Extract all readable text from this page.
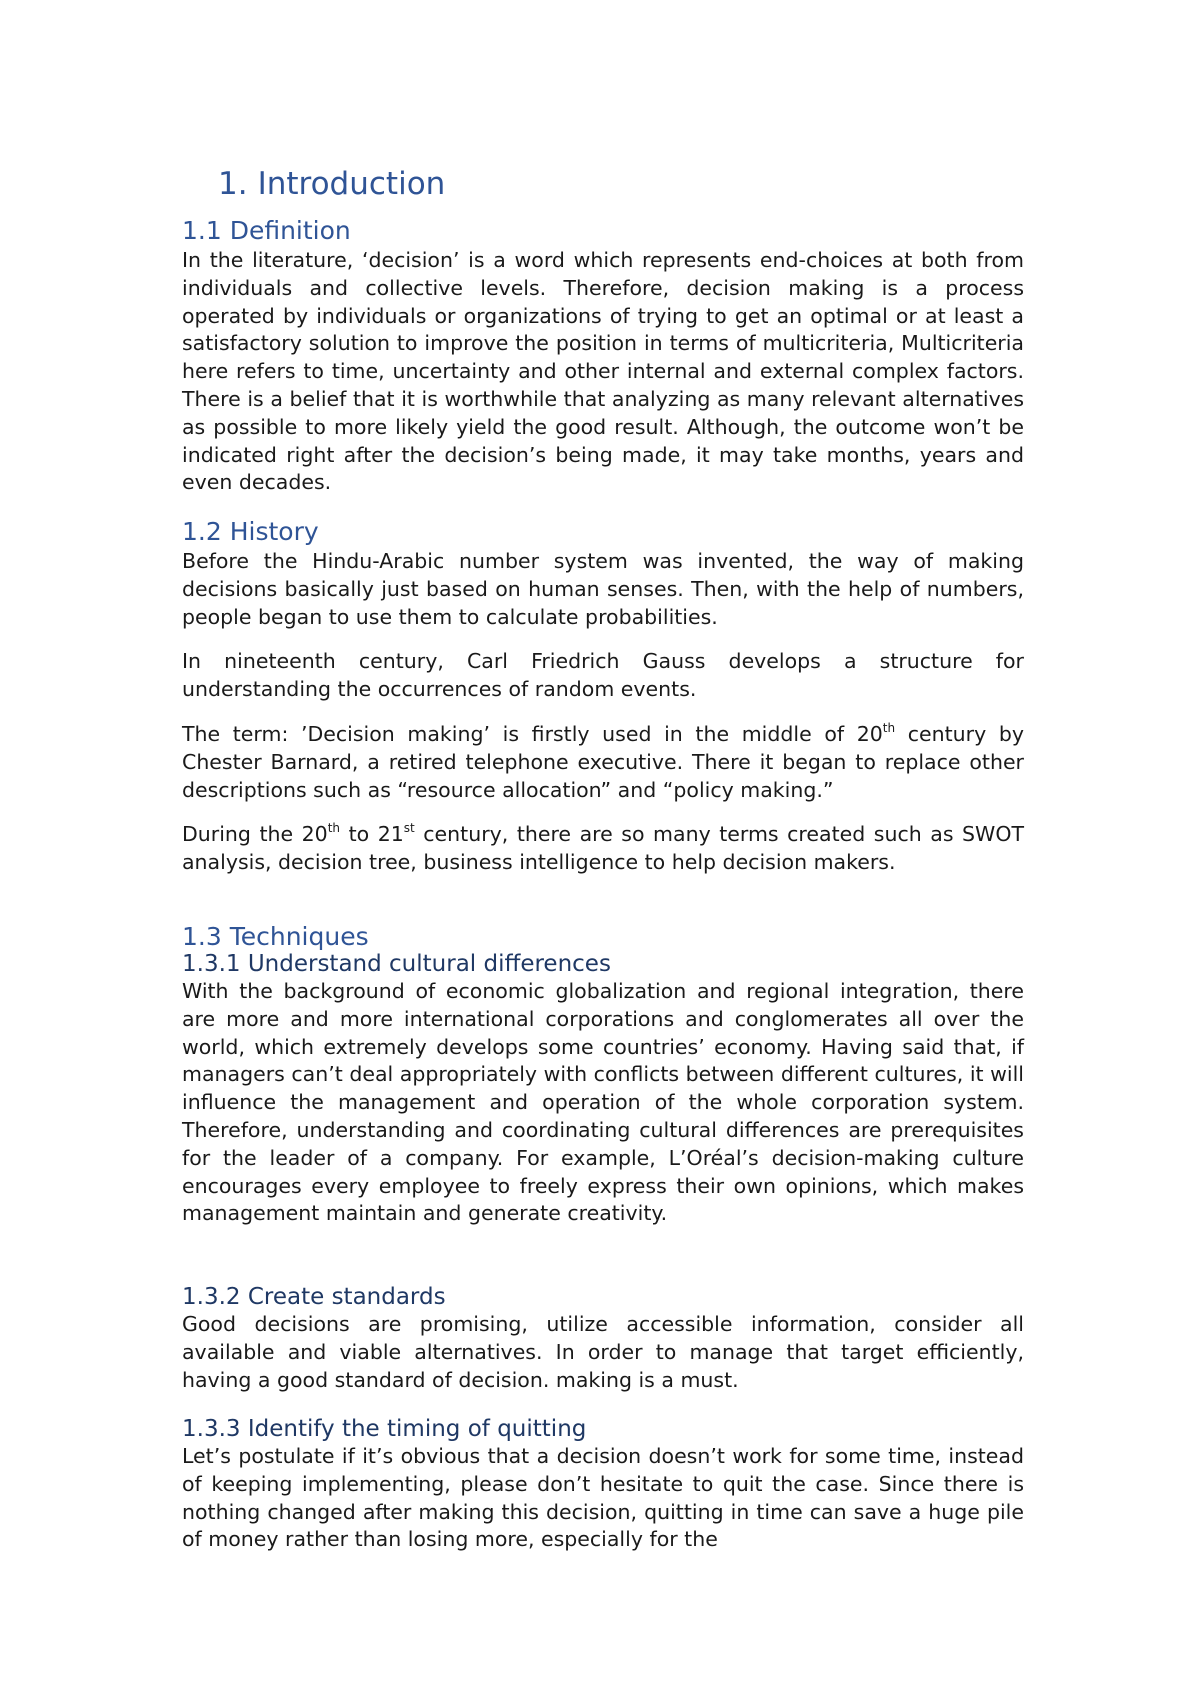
1. Introduction
1.1 Definition

In the literature, ‘decision’ is a word which represents end-choices at both from individuals and collective levels. Therefore, decision making is a process operated by individuals or organizations of trying to get an optimal or at least a satisfactory solution to improve the position in terms of multicriteria, Multicriteria here refers to time, uncertainty and other internal and external complex factors. There is a belief that it is worthwhile that analyzing as many relevant alternatives as possible to more likely yield the good result. Although, the outcome won’t be indicated right after the decision’s being made, it may take months, years and even decades.

1.2 History

Before the Hindu-Arabic number system was invented, the way of making decisions basically just based on human senses. Then, with the help of numbers, people began to use them to calculate probabilities.

In nineteenth century, Carl Friedrich Gauss develops a structure for understanding the occurrences of random events.

The term: ’Decision making’ is firstly used in the middle of 20th century by Chester Barnard, a retired telephone executive. There it began to replace other descriptions such as “resource allocation” and “policy making.”

During the 20th to 21st century, there are so many terms created such as SWOT analysis, decision tree, business intelligence to help decision makers.

1.3 Techniques
1.3.1 Understand cultural differences

With the background of economic globalization and regional integration, there are more and more international corporations and conglomerates all over the world, which extremely develops some countries’ economy. Having said that, if managers can’t deal appropriately with conflicts between different cultures, it will influence the management and operation of the whole corporation system. Therefore, understanding and coordinating cultural differences are prerequisites for the leader of a company. For example, L’Oréal’s decision-making culture encourages every employee to freely express their own opinions, which makes management maintain and generate creativity.

1.3.2 Create standards

Good decisions are promising, utilize accessible information, consider all available and viable alternatives. In order to manage that target efficiently, having a good standard of decision. making is a must.

1.3.3 Identify the timing of quitting

Let’s postulate if it’s obvious that a decision doesn’t work for some time, instead of keeping implementing, please don’t hesitate to quit the case. Since there is nothing changed after making this decision, quitting in time can save a huge pile of money rather than losing more, especially for the
